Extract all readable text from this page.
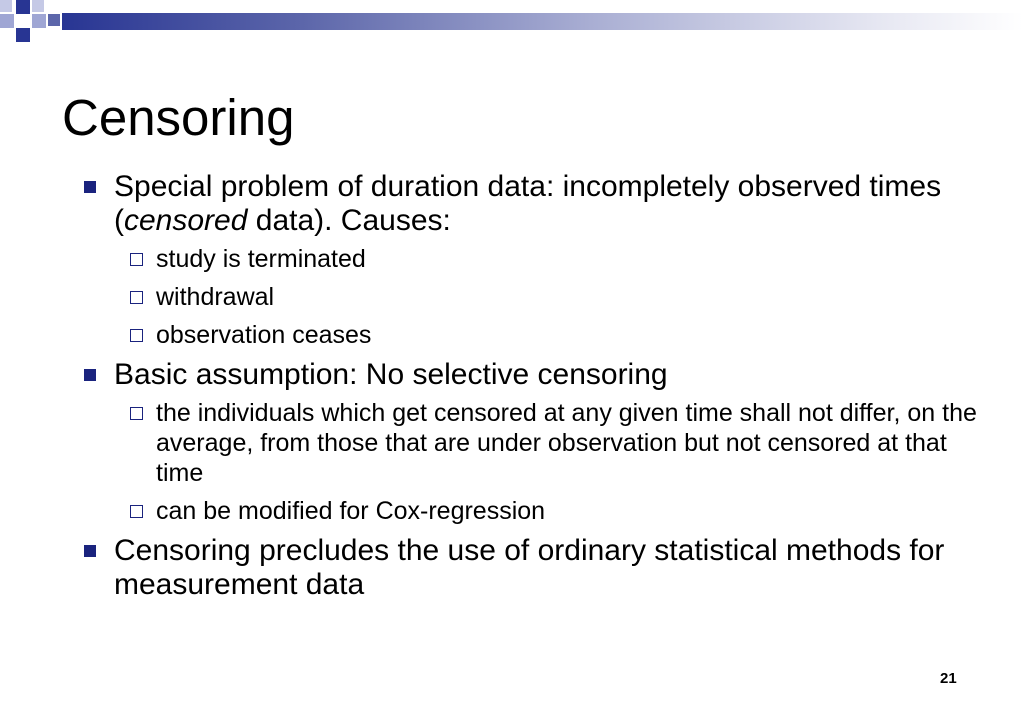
Censoring
Special problem of duration data: incompletely observed times (censored data). Causes:
study is terminated
withdrawal
observation ceases
Basic assumption: No selective censoring
the individuals which get censored at any given time shall not differ, on the average, from those that are under observation but not censored at that time
can be modified for Cox-regression
Censoring precludes the use of ordinary statistical methods for measurement data
21
